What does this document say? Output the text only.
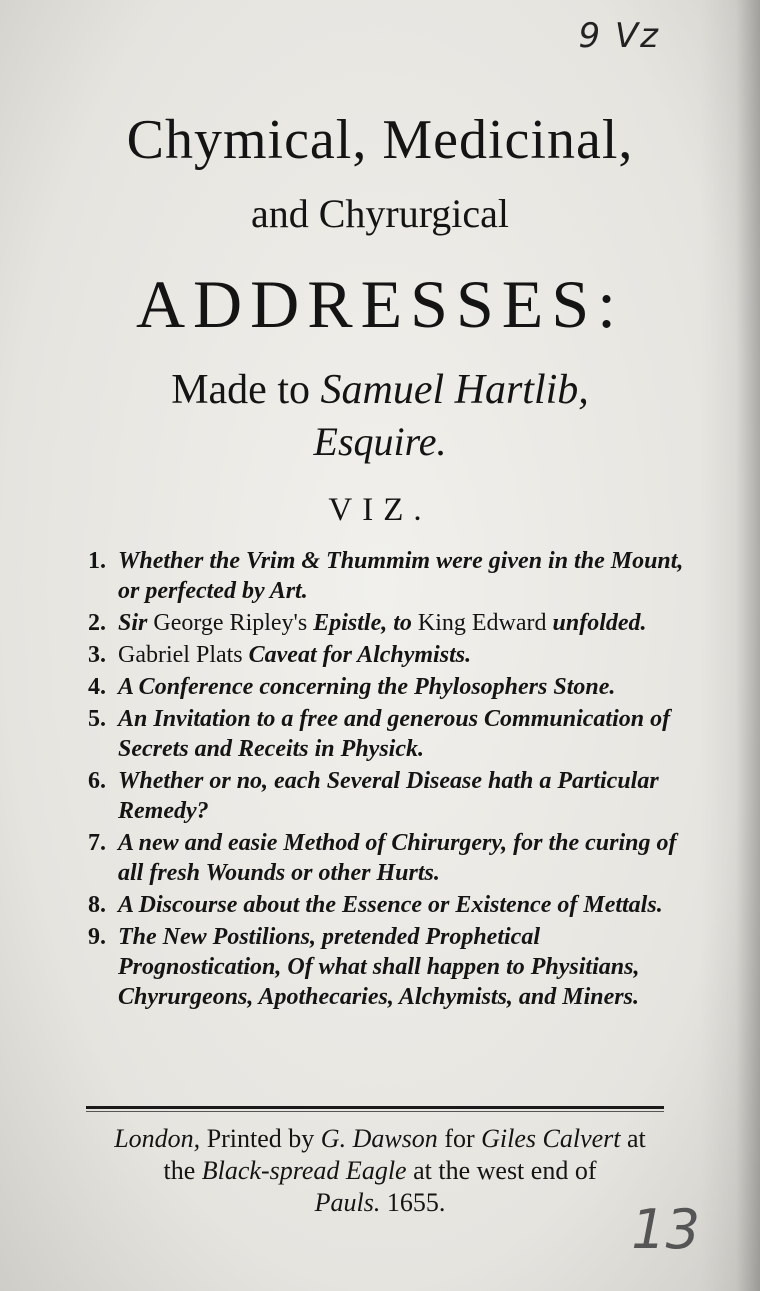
9 Vz
Chymical, Medicinal,
and Chyrurgical
ADDRESSES:
Made to Samuel Hartlib,
Esquire.
VIZ.
1. Whether the Vrim & Thummim were given in the Mount, or perfected by Art.
2. Sir George Ripley's Epistle, to King Edward unfolded.
3. Gabriel Plats Caveat for Alchymists.
4. A Conference concerning the Phylosophers Stone.
5. An Invitation to a free and generous Communication of Secrets and Receits in Physick.
6. Whether or no, each Several Disease hath a Particular Remedy?
7. A new and easie Method of Chirurgery, for the curing of all fresh Wounds or other Hurts.
8. A Discourse about the Essence or Existence of Mettals.
9. The New Postilions, pretended Prophetical Prognostication, Of what shall happen to Physitians, Chyrurgeons, Apothecaries, Alchymists, and Miners.
London, Printed by G. Dawson for Giles Calvert at
the Black-spread Eagle at the west end of
Pauls. 1655.	13
